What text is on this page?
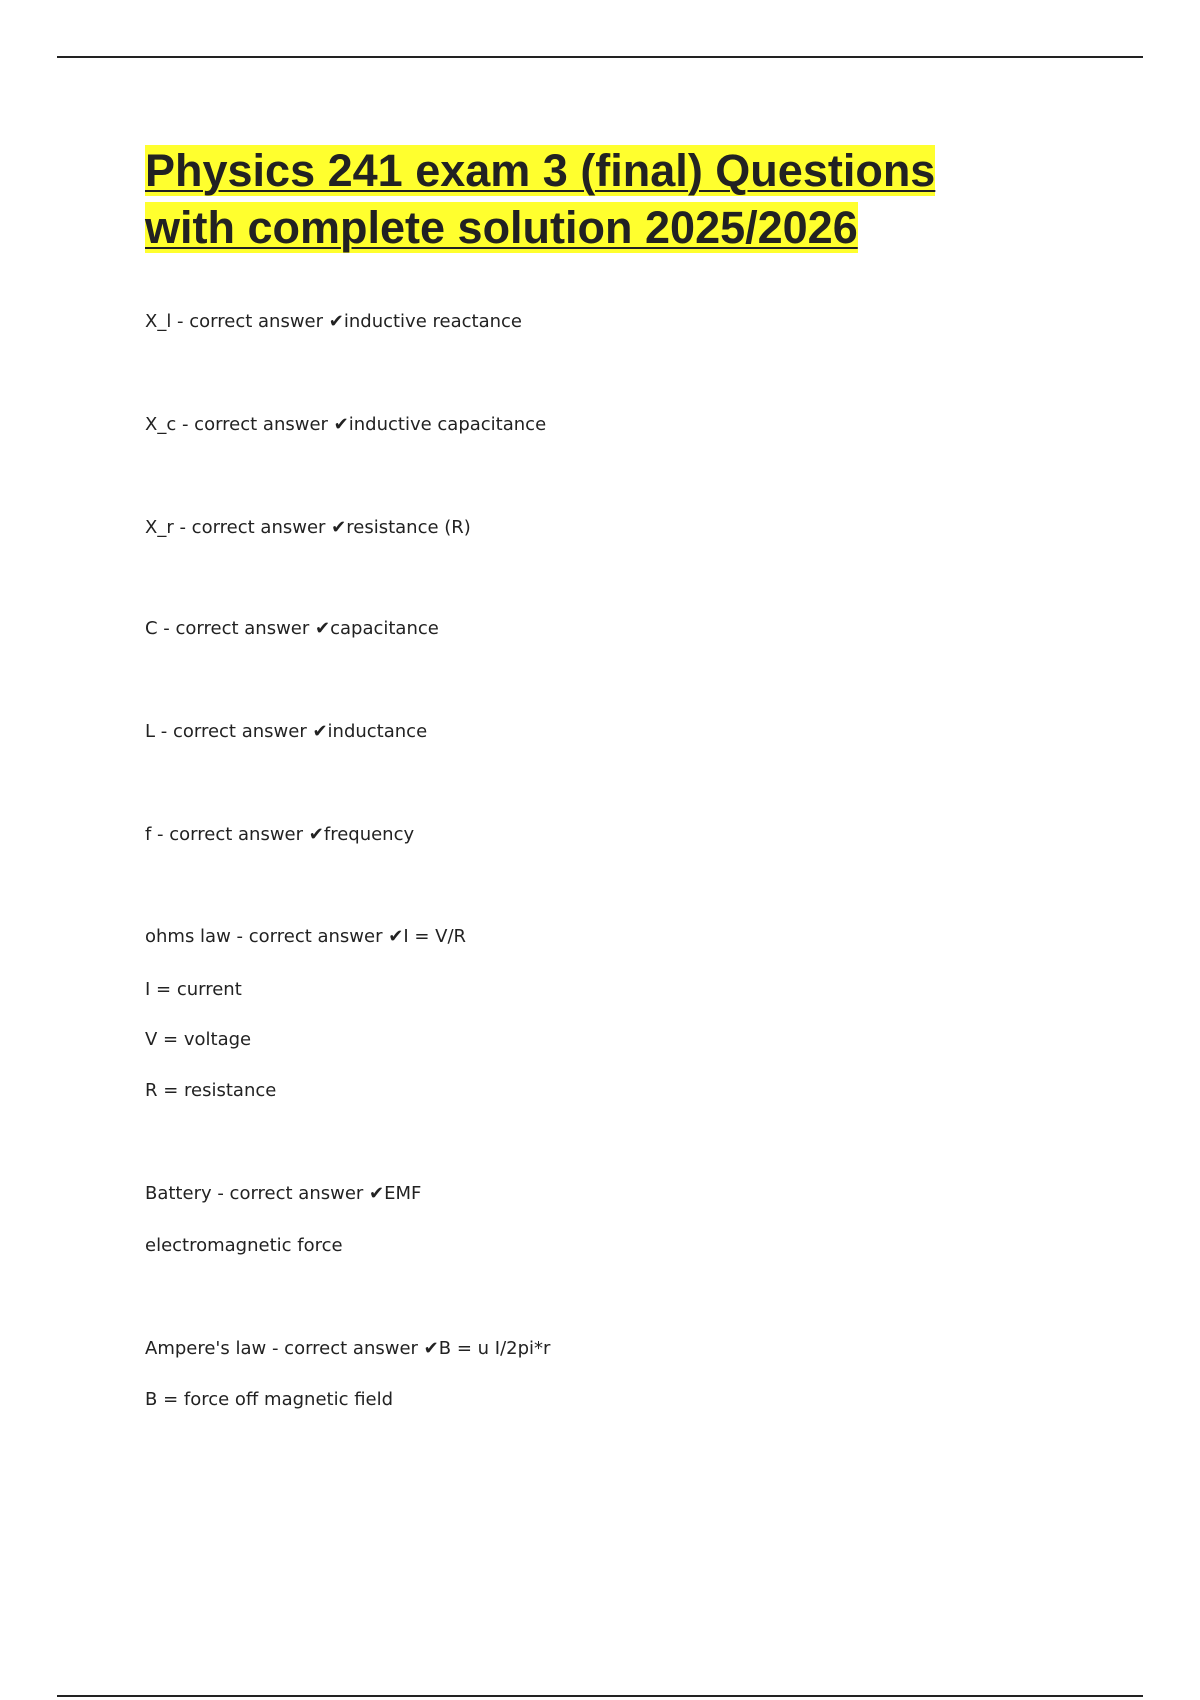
Physics 241 exam 3 (final) Questions
with complete solution 2025/2026
X_l - correct answer ✔inductive reactance
X_c - correct answer ✔inductive capacitance
X_r - correct answer ✔resistance (R)
C - correct answer ✔capacitance
L - correct answer ✔inductance
f - correct answer ✔frequency
ohms law - correct answer ✔I = V/R
I = current
V = voltage
R = resistance
Battery - correct answer ✔EMF
electromagnetic force
Ampere's law - correct answer ✔B = u I/2pi*r
B = force off magnetic field
